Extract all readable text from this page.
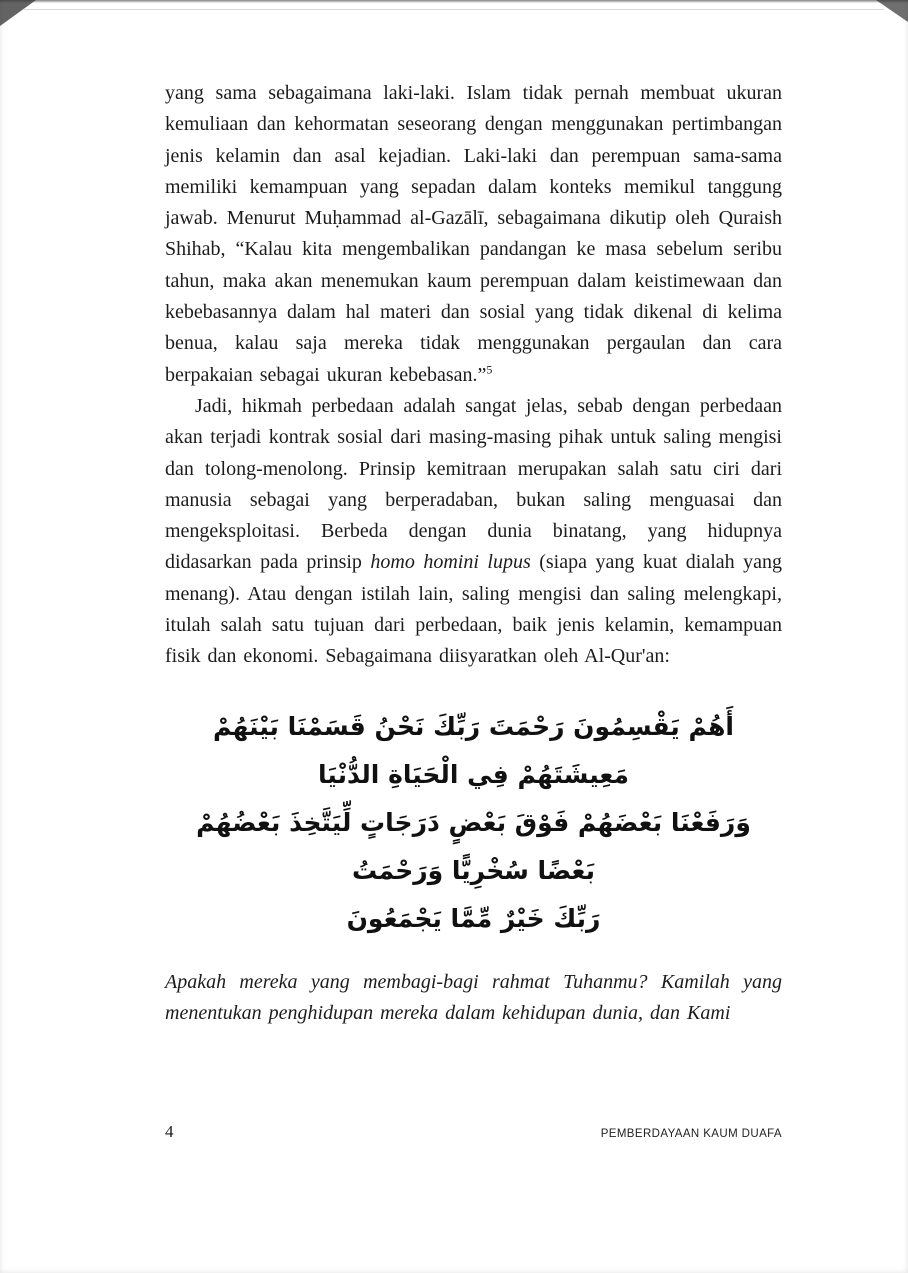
yang sama sebagaimana laki-laki. Islam tidak pernah membuat ukuran kemuliaan dan kehormatan seseorang dengan menggunakan pertimbangan jenis kelamin dan asal kejadian. Laki-laki dan perempuan sama-sama memiliki kemampuan yang sepadan dalam konteks memikul tanggung jawab. Menurut Muḥammad al-Gazālī, sebagaimana dikutip oleh Quraish Shihab, “Kalau kita mengembalikan pandangan ke masa sebelum seribu tahun, maka akan menemukan kaum perempuan dalam keistimewaan dan kebebasannya dalam hal materi dan sosial yang tidak dikenal di kelima benua, kalau saja mereka tidak menggunakan pergaulan dan cara berpakaian sebagai ukuran kebebasan.”$^5$

Jadi, hikmah perbedaan adalah sangat jelas, sebab dengan perbedaan akan terjadi kontrak sosial dari masing-masing pihak untuk saling mengisi dan tolong-menolong. Prinsip kemitraan merupakan salah satu ciri dari manusia sebagai yang berperadaban, bukan saling menguasai dan mengeksploitasi. Berbeda dengan dunia binatang, yang hidupnya didasarkan pada prinsip homo homini lupus (siapa yang kuat dialah yang menang). Atau dengan istilah lain, saling mengisi dan saling melengkapi, itulah salah satu tujuan dari perbedaan, baik jenis kelamin, kemampuan fisik dan ekonomi. Sebagaimana diisyaratkan oleh Al-Qur'an:

أَهُمْ يَقْسِمُونَ رَحْمَتَ رَبِّكَ نَحْنُ قَسَمْنَا بَيْنَهُمْ مَعِيشَتَهُمْ فِي الْحَيَاةِ الدُّنْيَا
وَرَفَعْنَا بَعْضَهُمْ فَوْقَ بَعْضٍ دَرَجَاتٍ لِّيَتَّخِذَ بَعْضُهُمْ بَعْضًا سُخْرِيًّا وَرَحْمَتُ
رَبِّكَ خَيْرٌ مِّمَّا يَجْمَعُونَ

Apakah mereka yang membagi-bagi rahmat Tuhanmu? Kamilah yang menentukan penghidupan mereka dalam kehidupan dunia, dan Kami

4	PEMBERDAYAAN KAUM DUAFA
